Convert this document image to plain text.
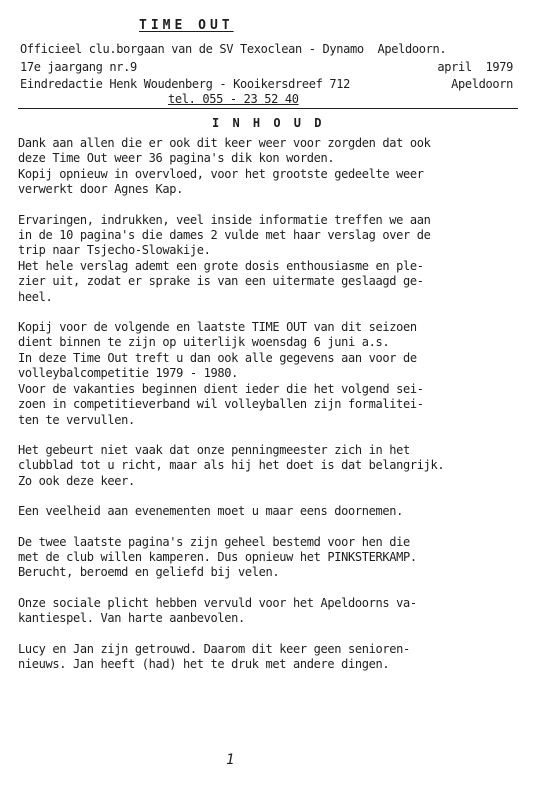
TIME OUT
Officieel clu.borgaan van de SV Texoclean - Dynamo  Apeldoorn.
17e jaargang nr.9	april  1979
Eindredactie Henk Woudenberg - Kooikersdreef 712	Apeldoorn
tel. 055 - 23 52 40
I N H O U D

Dank aan allen die er ook dit keer weer voor zorgden dat ook
deze Time Out weer 36 pagina's dik kon worden.
Kopij opnieuw in overvloed, voor het grootste gedeelte weer
verwerkt door Agnes Kap.

Ervaringen, indrukken, veel inside informatie treffen we aan
in de 10 pagina's die dames 2 vulde met haar verslag over de
trip naar Tsjecho-Slowakije.
Het hele verslag ademt een grote dosis enthousiasme en ple-
zier uit, zodat er sprake is van een uitermate geslaagd ge-
heel.

Kopij voor de volgende en laatste TIME OUT van dit seizoen
dient binnen te zijn op uiterlijk woensdag 6 juni a.s.
In deze Time Out treft u dan ook alle gegevens aan voor de
volleybalcompetitie 1979 - 1980.
Voor de vakanties beginnen dient ieder die het volgend sei-
zoen in competitieverband wil volleyballen zijn formalitei-
ten te vervullen.

Het gebeurt niet vaak dat onze penningmeester zich in het
clubblad tot u richt, maar als hij het doet is dat belangrijk.
Zo ook deze keer.

Een veelheid aan evenementen moet u maar eens doornemen.

De twee laatste pagina's zijn geheel bestemd voor hen die
met de club willen kamperen. Dus opnieuw het PINKSTERKAMP.
Berucht, beroemd en geliefd bij velen.

Onze sociale plicht hebben vervuld voor het Apeldoorns va-
kantiespel. Van harte aanbevolen.

Lucy en Jan zijn getrouwd. Daarom dit keer geen senioren-
nieuws. Jan heeft (had) het te druk met andere dingen.

1
